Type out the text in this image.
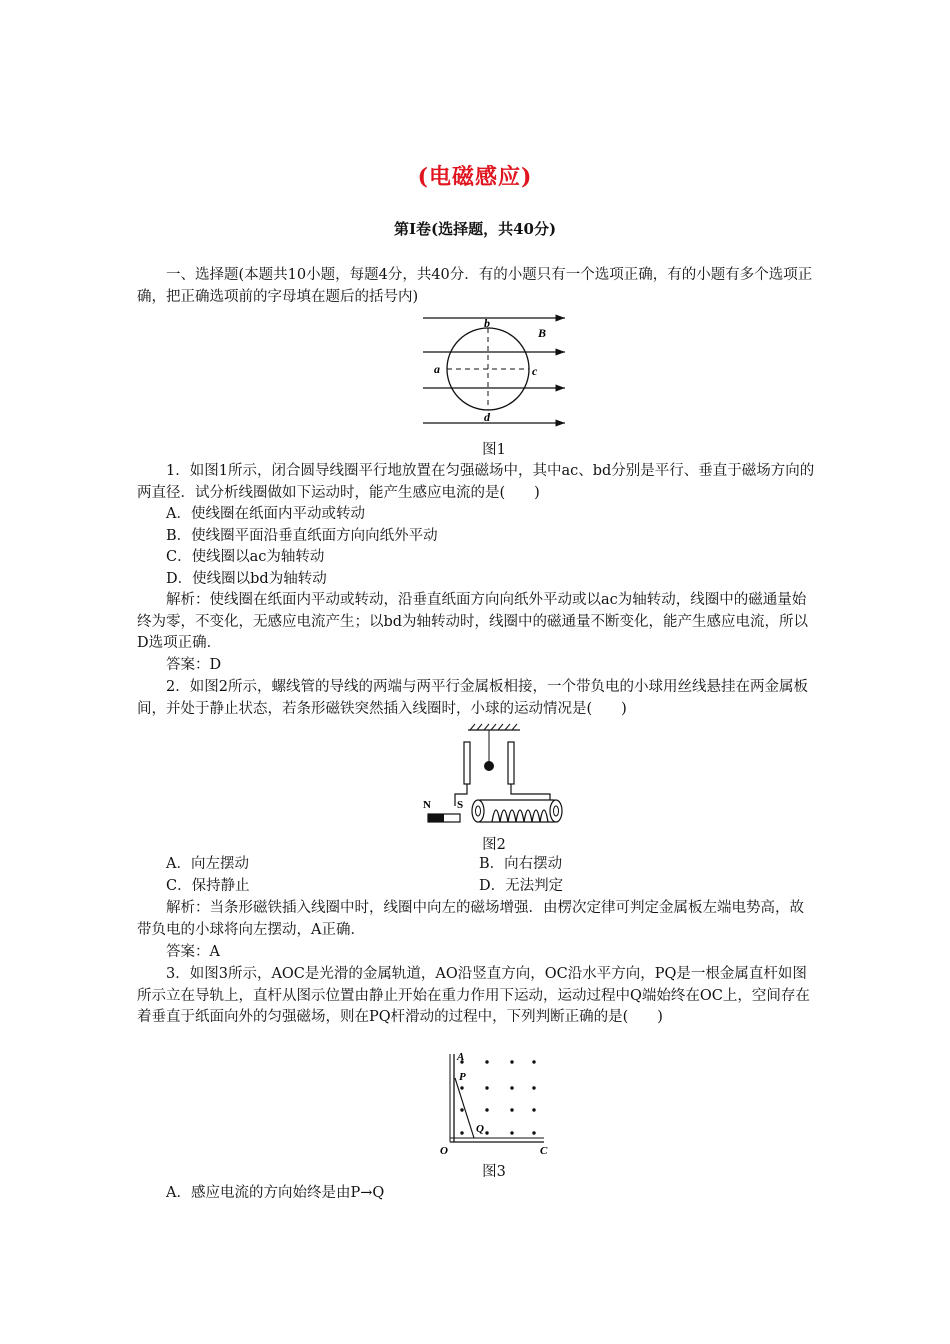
(电磁感应)
第Ⅰ卷(选择题，共40分)
一、选择题(本题共10小题，每题4分，共40分．有的小题只有一个选项正确，有的小题有多个选项正确，把正确选项前的字母填在题后的括号内)
b
B
a	c
d
图1
1．如图1所示，闭合圆导线圈平行地放置在匀强磁场中，其中ac、bd分别是平行、垂直于磁场方向的两直径．试分析线圈做如下运动时，能产生感应电流的是(　　)
A．使线圈在纸面内平动或转动
B．使线圈平面沿垂直纸面方向向纸外平动
C．使线圈以ac为轴转动
D．使线圈以bd为轴转动
解析：使线圈在纸面内平动或转动，沿垂直纸面方向向纸外平动或以ac为轴转动，线圈中的磁通量始终为零，不变化，无感应电流产生；以bd为轴转动时，线圈中的磁通量不断变化，能产生感应电流，所以D选项正确．
答案：D
2．如图2所示，螺线管的导线的两端与两平行金属板相接，一个带负电的小球用丝线悬挂在两金属板间，并处于静止状态，若条形磁铁突然插入线圈时，小球的运动情况是(　　)
N S
图2
A．向左摆动	B．向右摆动
C．保持静止	D．无法判定
解析：当条形磁铁插入线圈中时，线圈中向左的磁场增强．由楞次定律可判定金属板左端电势高，故带负电的小球将向左摆动，A正确．
答案：A
3．如图3所示，AOC是光滑的金属轨道，AO沿竖直方向，OC沿水平方向，PQ是一根金属直杆如图所示立在导轨上，直杆从图示位置由静止开始在重力作用下运动，运动过程中Q端始终在OC上，空间存在着垂直于纸面向外的匀强磁场，则在PQ杆滑动的过程中，下列判断正确的是(　　)
A
P
Q
O	C
图3
A．感应电流的方向始终是由P→Q
